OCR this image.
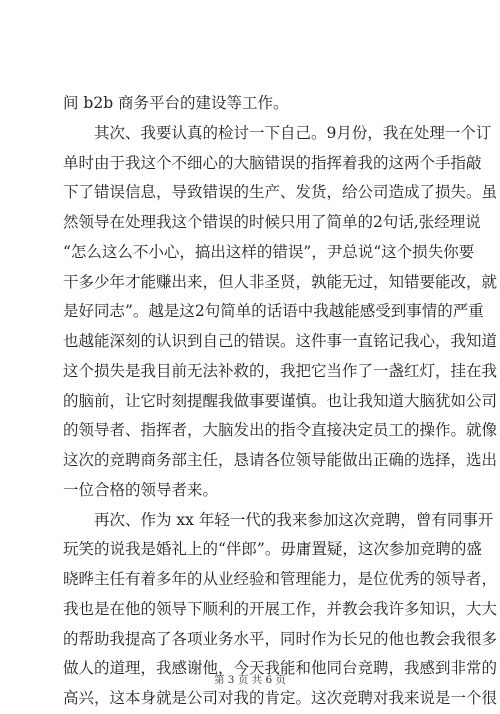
间 b2b 商务平台的建设等工作。
　　其次、我要认真的检讨一下自己。9月份，我在处理一个订
单时由于我这个不细心的大脑错误的指挥着我的这两个手指敲
下了错误信息，导致错误的生产、发货，给公司造成了损失。虽
然领导在处理我这个错误的时候只用了简单的2句话,张经理说
“怎么这么不小心，搞出这样的错误”，尹总说“这个损失你要
干多少年才能赚出来，但人非圣贤，孰能无过，知错要能改，就
是好同志”。越是这2句简单的话语中我越能感受到事情的严重
也越能深刻的认识到自己的错误。这件事一直铭记我心，我知道
这个损失是我目前无法补救的，我把它当作了一盏红灯，挂在我
的脑前，让它时刻提醒我做事要谨慎。也让我知道大脑犹如公司
的领导者、指挥者，大脑发出的指令直接决定员工的操作。就像
这次的竞聘商务部主任，恳请各位领导能做出正确的选择，选出
一位合格的领导者来。
　　再次、作为 xx 年轻一代的我来参加这次竞聘，曾有同事开
玩笑的说我是婚礼上的“伴郎”。毋庸置疑，这次参加竞聘的盛
晓晔主任有着多年的从业经验和管理能力，是位优秀的领导者，
我也是在他的领导下顺利的开展工作，并教会我许多知识，大大
的帮助我提高了各项业务水平，同时作为长兄的他也教会我很多
做人的道理，我感谢他，今天我能和他同台竞聘，我感到非常的
高兴，这本身就是公司对我的肯定。这次竞聘对我来说是一个很
第 3 页 共 6 页
